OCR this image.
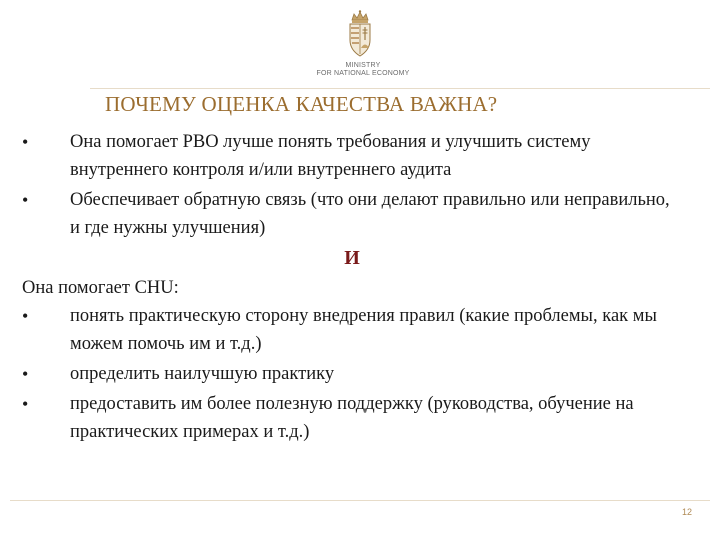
MINISTRY
FOR NATIONAL ECONOMY
ПОЧЕМУ ОЦЕНКА КАЧЕСТВА ВАЖНА?
•	Она помогает PBO лучше понять требования и улучшить систему внутреннего контроля и/или внутреннего аудита
•	Обеспечивает обратную связь (что они делают правильно или неправильно, и где нужны улучшения)
И
Она помогает CHU:
•	понять практическую сторону внедрения правил (какие проблемы, как мы можем помочь им и т.д.)
•	определить наилучшую практику
•	предоставить им более полезную поддержку (руководства, обучение на практических примерах и т.д.)
12
